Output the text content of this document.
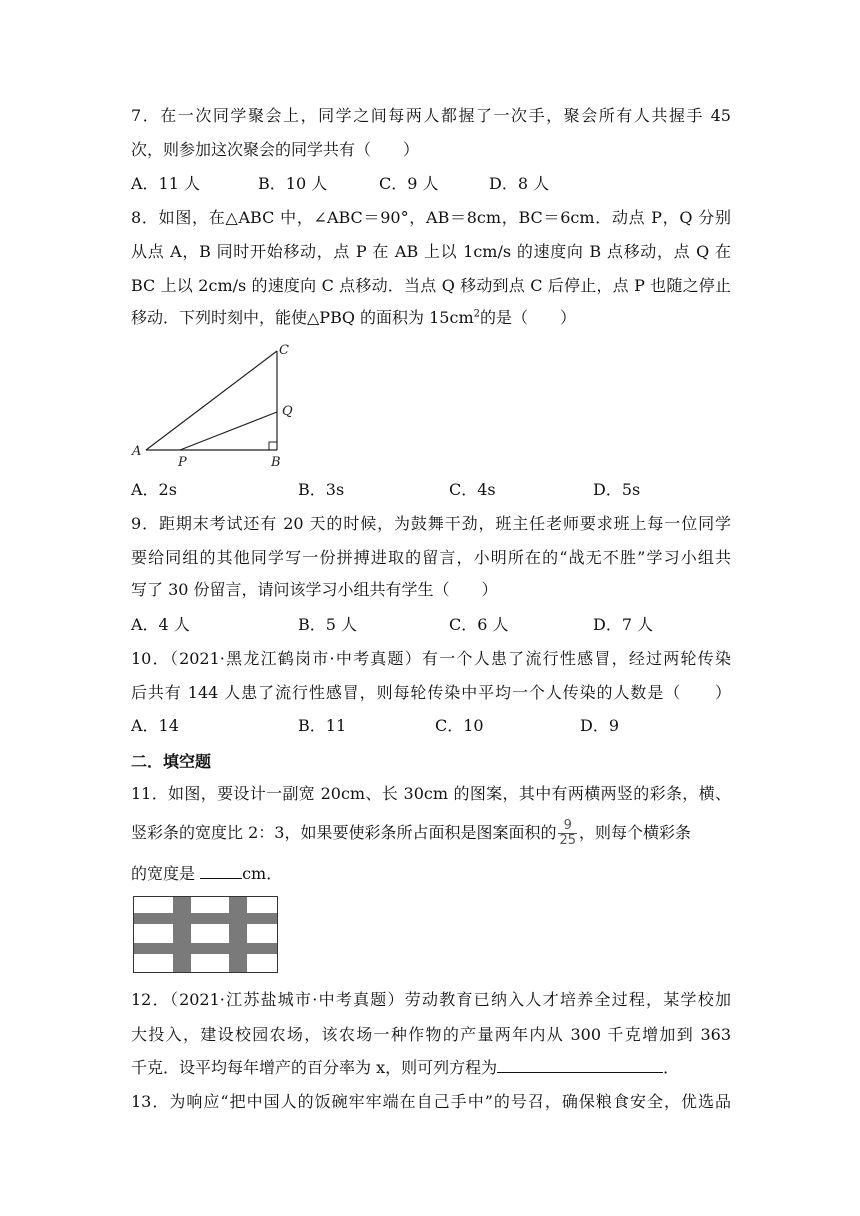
7．在一次同学聚会上，同学之间每两人都握了一次手，聚会所有人共握手 45
次，则参加这次聚会的同学共有（　　）
A．11 人	B．10 人	C．9 人	D．8 人
8．如图，在△ABC 中，∠ABC＝90°，AB＝8cm，BC＝6cm．动点 P，Q 分别
从点 A，B 同时开始移动，点 P 在 AB 上以 1cm/s 的速度向 B 点移动，点 Q 在
BC 上以 2cm/s 的速度向 C 点移动．当点 Q 移动到点 C 后停止，点 P 也随之停止
移动．下列时刻中，能使△PBQ 的面积为 $15cm^2$的是（　　）
A
P	B
Q
C
A．2s	B．3s	C．4s	D．5s
9．距期末考试还有 20 天的时候，为鼓舞干劲，班主任老师要求班上每一位同学
要给同组的其他同学写一份拼搏进取的留言，小明所在的“战无不胜”学习小组共
写了 30 份留言，请问该学习小组共有学生（　　）
A．4 人	B．5 人	C．6 人	D．7 人
10．（2021·黑龙江鹤岗市·中考真题）有一个人患了流行性感冒，经过两轮传染
后共有 144 人患了流行性感冒，则每轮传染中平均一个人传染的人数是（　　）
A．14	B．11	C．10	D．9
二．填空题
11．如图，要设计一副宽 20cm、长 30cm 的图案，其中有两横两竖的彩条，横、
竖彩条的宽度比 2：3，如果要使彩条所占面积是图案面积的 $\frac{9}{25}$ ，则每个横彩条
的宽度是	cm．
12．（2021·江苏盐城市·中考真题）劳动教育已纳入人才培养全过程，某学校加
大投入，建设校园农场，该农场一种作物的产量两年内从 300 千克增加到 363
千克．设平均每年增产的百分率为 x，则可列方程为	．
13．为响应“把中国人的饭碗牢牢端在自己手中”的号召，确保粮食安全，优选品
